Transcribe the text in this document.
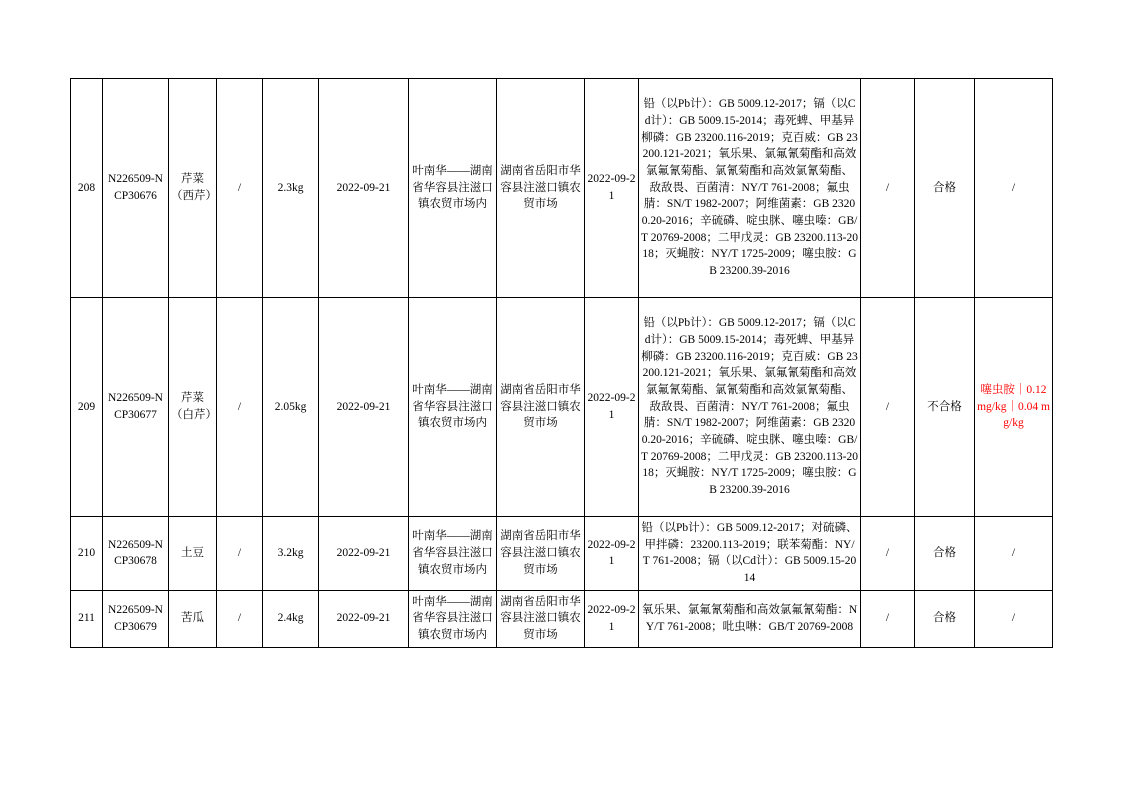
208	N226509-NCP30676	芹菜（西芹）	/	2.3kg	2022-09-21	叶南华——湖南省华容县注滋口镇农贸市场内	湖南省岳阳市华容县注滋口镇农贸市场	2022-09-21	铅（以Pb计）：GB 5009.12-2017；镉（以Cd计）：GB 5009.15-2014；毒死蜱、甲基异柳磷：GB 23200.116-2019；克百威：GB 23200.121-2021；氧乐果、氯氟氰菊酯和高效氯氟氰菊酯、氯氰菊酯和高效氯氰菊酯、敌敌畏、百菌清：NY/T 761-2008；氟虫腈：SN/T 1982-2007；阿维菌素：GB 23200.20-2016；辛硫磷、啶虫脒、噻虫嗪：GB/T 20769-2008；二甲戊灵：GB 23200.113-2018；灭蝇胺：NY/T 1725-2009；噻虫胺：GB 23200.39-2016	/	合格	/
209	N226509-NCP30677	芹菜（白芹）	/	2.05kg	2022-09-21	叶南华——湖南省华容县注滋口镇农贸市场内	湖南省岳阳市华容县注滋口镇农贸市场	2022-09-21	铅（以Pb计）：GB 5009.12-2017；镉（以Cd计）：GB 5009.15-2014；毒死蜱、甲基异柳磷：GB 23200.116-2019；克百威：GB 23200.121-2021；氧乐果、氯氟氰菊酯和高效氯氟氰菊酯、氯氰菊酯和高效氯氰菊酯、敌敌畏、百菌清：NY/T 761-2008；氟虫腈：SN/T 1982-2007；阿维菌素：GB 23200.20-2016；辛硫磷、啶虫脒、噻虫嗪：GB/T 20769-2008；二甲戊灵：GB 23200.113-2018；灭蝇胺：NY/T 1725-2009；噻虫胺：GB 23200.39-2016	/	不合格	噻虫胺｜0.12 mg/kg｜0.04 mg/kg
210	N226509-NCP30678	土豆	/	3.2kg	2022-09-21	叶南华——湖南省华容县注滋口镇农贸市场内	湖南省岳阳市华容县注滋口镇农贸市场	2022-09-21	铅（以Pb计）：GB 5009.12-2017；对硫磷、甲拌磷：23200.113-2019；联苯菊酯：NY/T 761-2008；镉（以Cd计）：GB 5009.15-2014	/	合格	/
211	N226509-NCP30679	苦瓜	/	2.4kg	2022-09-21	叶南华——湖南省华容县注滋口镇农贸市场内	湖南省岳阳市华容县注滋口镇农贸市场	2022-09-21	氧乐果、氯氟氰菊酯和高效氯氟氰菊酯：NY/T 761-2008；吡虫啉：GB/T 20769-2008	/	合格	/
